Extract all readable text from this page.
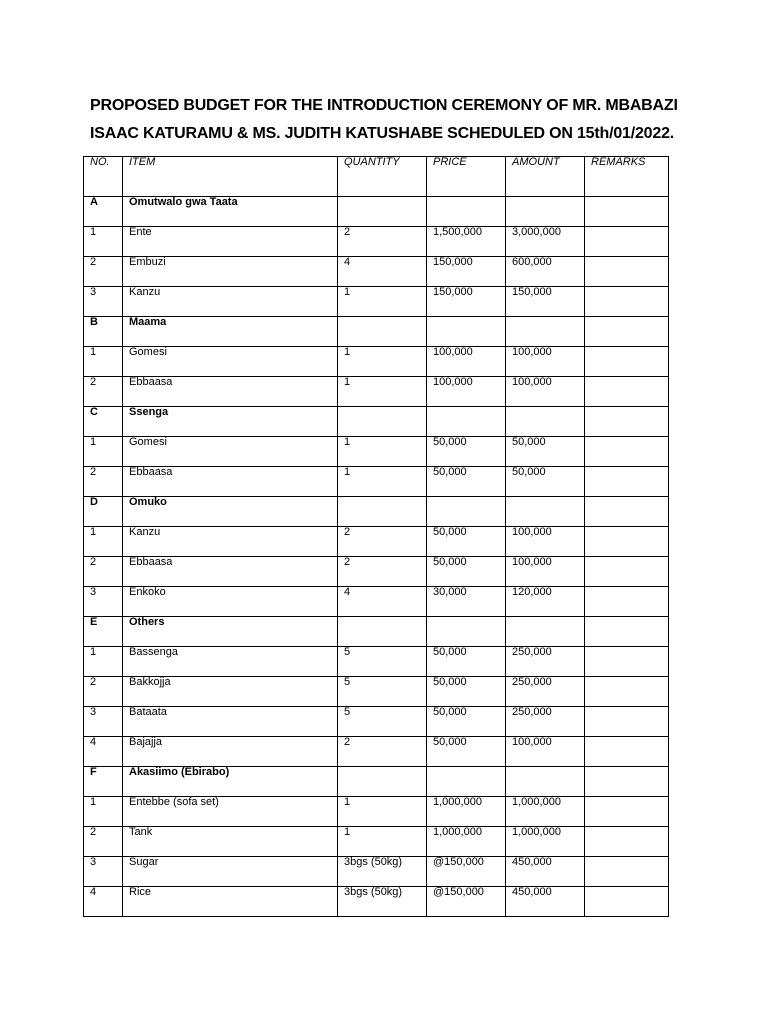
PROPOSED BUDGET FOR THE INTRODUCTION CEREMONY OF MR. MBABAZI
ISAAC KATURAMU & MS. JUDITH KATUSHABE SCHEDULED ON 15th/01/2022.
NO.	ITEM	QUANTITY	PRICE	AMOUNT	REMARKS

A	Omutwalo gwa Taata				

1	Ente	2	1,500,000	3,000,000	

2	Embuzi	4	150,000	600,000	

3	Kanzu	1	150,000	150,000	

B	Maama				

1	Gomesi	1	100,000	100,000	

2	Ebbaasa	1	100,000	100,000	

C	Ssenga				

1	Gomesi	1	50,000	50,000	

2	Ebbaasa	1	50,000	50,000	

D	Omuko				

1	Kanzu	2	50,000	100,000	

2	Ebbaasa	2	50,000	100,000	

3	Enkoko	4	30,000	120,000	

E	Others				

1	Bassenga	5	50,000	250,000	

2	Bakkojja	5	50,000	250,000	

3	Bataata	5	50,000	250,000	

4	Bajajja	2	50,000	100,000	

F	Akasiimo (Ebirabo)				

1	Entebbe (sofa set)	1	1,000,000	1,000,000	

2	Tank	1	1,000,000	1,000,000	

3	Sugar	3bgs (50kg)	@150,000	450,000	

4	Rice	3bgs (50kg)	@150,000	450,000	
